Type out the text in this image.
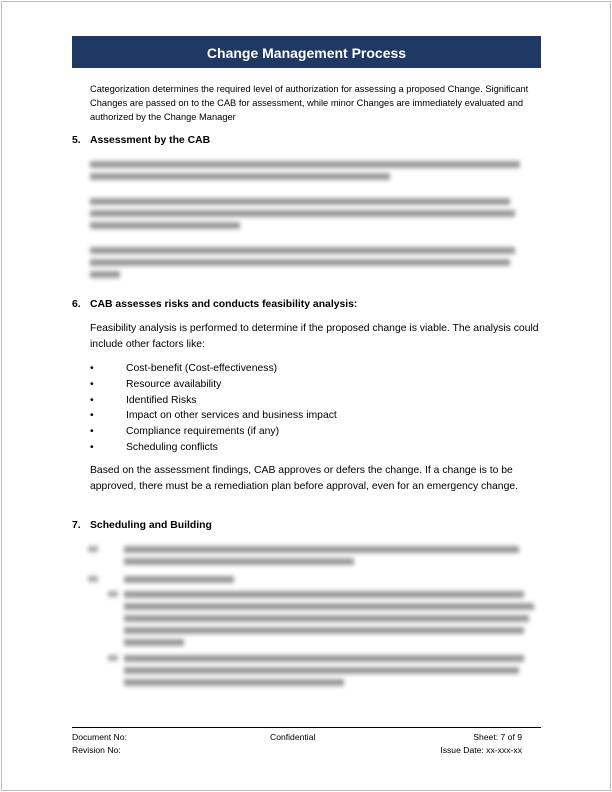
Change Management Process
Categorization determines the required level of authorization for assessing a proposed Change. Significant Changes are passed on to the CAB for assessment, while minor Changes are immediately evaluated and authorized by the Change Manager
5. Assessment by the CAB
6. CAB assesses risks and conducts feasibility analysis:
Feasibility analysis is performed to determine if the proposed change is viable. The analysis could include other factors like:
•	Cost-benefit (Cost-effectiveness)
•	Resource availability
•	Identified Risks
•	Impact on other services and business impact
•	Compliance requirements (if any)
•	Scheduling conflicts
Based on the assessment findings, CAB approves or defers the change. If a change is to be approved, there must be a remediation plan before approval, even for an emergency change.
7. Scheduling and Building
Document No:
Revision No:
Confidential	Sheet: 7 of 9
Issue Date: xx-xxx-xx
